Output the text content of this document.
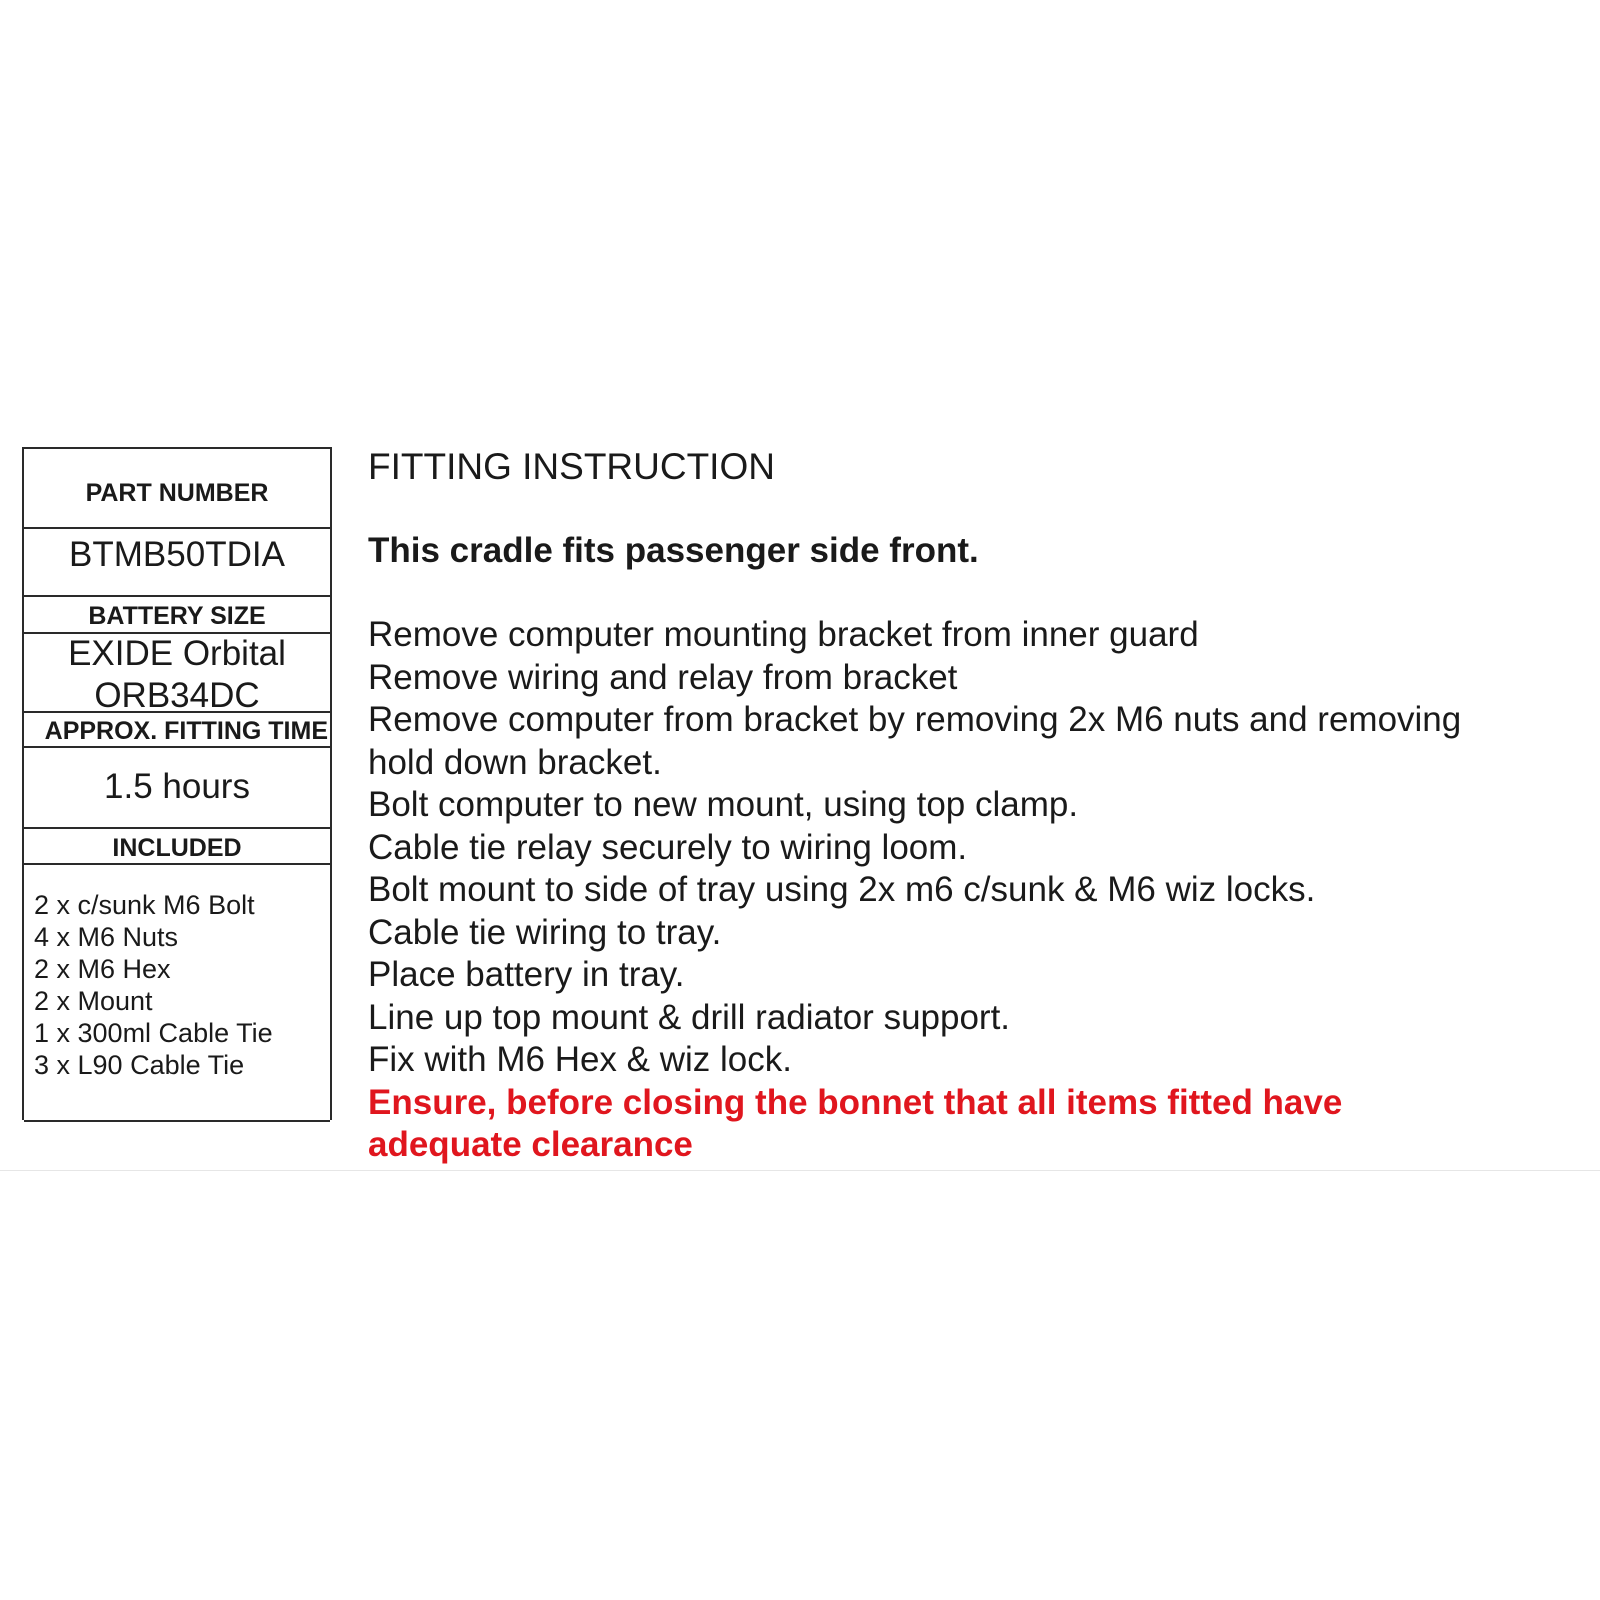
PART NUMBER
BTMB50TDIA
BATTERY SIZE
EXIDE Orbital
ORB34DC
APPROX. FITTING TIME
1.5 hours
INCLUDED
2 x c/sunk M6 Bolt
4 x M6 Nuts
2 x M6 Hex
2 x Mount
1 x 300ml Cable Tie
3 x L90 Cable Tie
FITTING INSTRUCTION
This cradle fits passenger side front.
Remove computer mounting bracket from inner guard
Remove wiring and relay from bracket
Remove computer from bracket by removing 2x M6 nuts and removing
hold down bracket.
Bolt computer to new mount, using top clamp.
Cable tie relay securely to wiring loom.
Bolt mount to side of tray using 2x m6 c/sunk & M6 wiz locks.
Cable tie wiring to tray.
Place battery in tray.
Line up top mount & drill radiator support.
Fix with M6 Hex & wiz lock.
Ensure, before closing the bonnet that all items fitted have
adequate clearance
